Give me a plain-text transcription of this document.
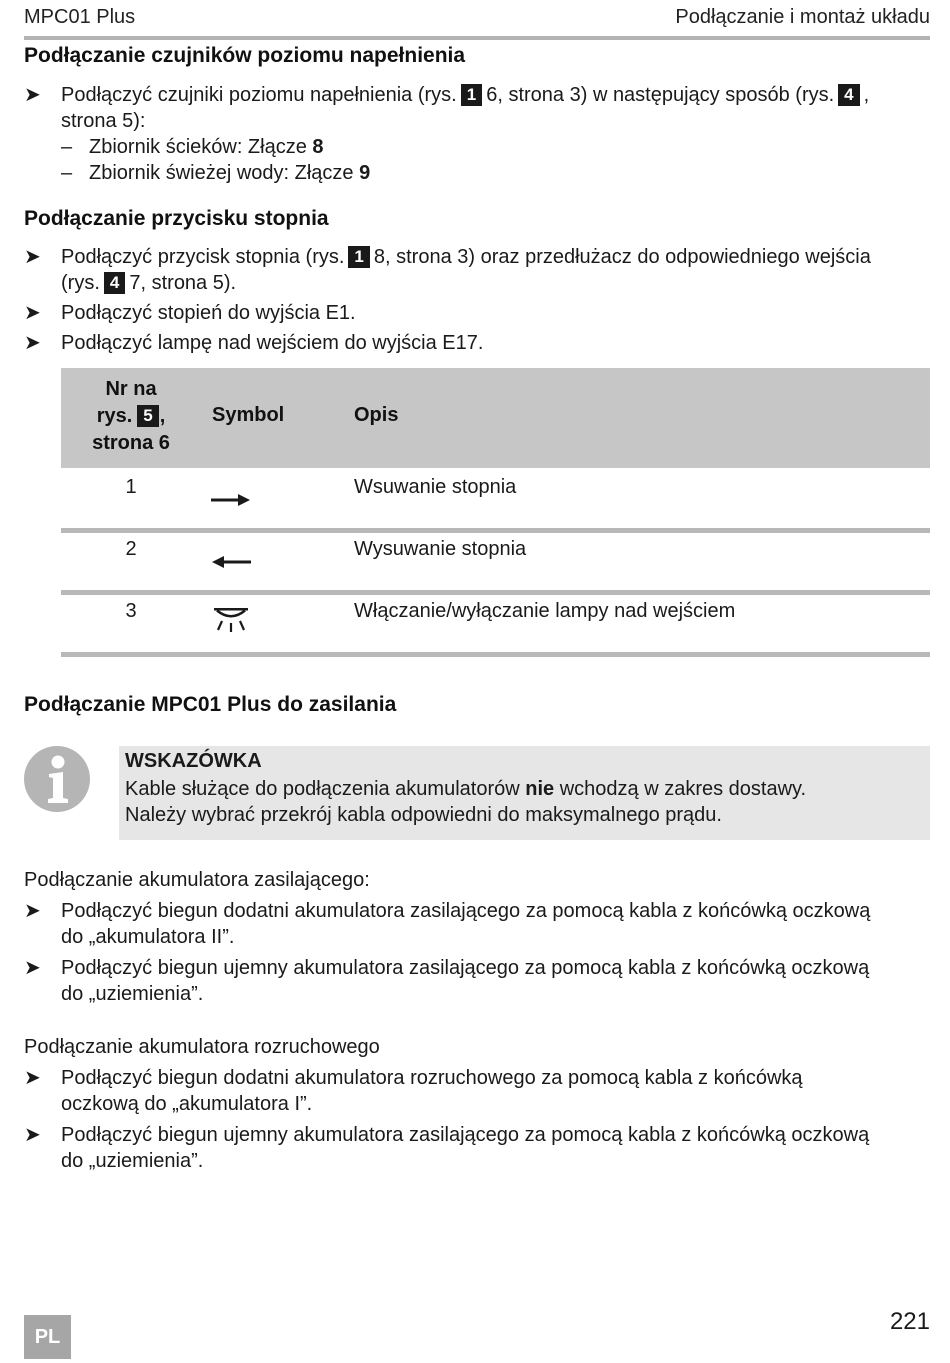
MPC01 Plus	Podłączanie i montaż układu
Podłączanie czujników poziomu napełnienia
➤ Podłączyć czujniki poziomu napełnienia (rys. 1 6, strona 3) w następujący sposób (rys. 4 ,
strona 5):
– Zbiornik ścieków: Złącze 8
– Zbiornik świeżej wody: Złącze 9
Podłączanie przycisku stopnia
➤ Podłączyć przycisk stopnia (rys. 1 8, strona 3) oraz przedłużacz do odpowiedniego wejścia
(rys. 4 7, strona 5).
➤ Podłączyć stopień do wyjścia E1.
➤ Podłączyć lampę nad wejściem do wyjścia E17.
Nr na
rys. 5 ,
strona 6
Symbol	Opis
1	Wsuwanie stopnia
2	Wysuwanie stopnia
3	Włączanie/wyłączanie lampy nad wejściem
Podłączanie MPC01 Plus do zasilania
WSKAZÓWKA
Kable służące do podłączenia akumulatorów nie wchodzą w zakres dostawy.
Należy wybrać przekrój kabla odpowiedni do maksymalnego prądu.
Podłączanie akumulatora zasilającego:
➤ Podłączyć biegun dodatni akumulatora zasilającego za pomocą kabla z końcówką oczkową
do „akumulatora II”.
➤ Podłączyć biegun ujemny akumulatora zasilającego za pomocą kabla z końcówką oczkową
do „uziemienia”.
Podłączanie akumulatora rozruchowego
➤ Podłączyć biegun dodatni akumulatora rozruchowego za pomocą kabla z końcówką
oczkową do „akumulatora I”.
➤ Podłączyć biegun ujemny akumulatora zasilającego za pomocą kabla z końcówką oczkową
do „uziemienia”.
PL
221
